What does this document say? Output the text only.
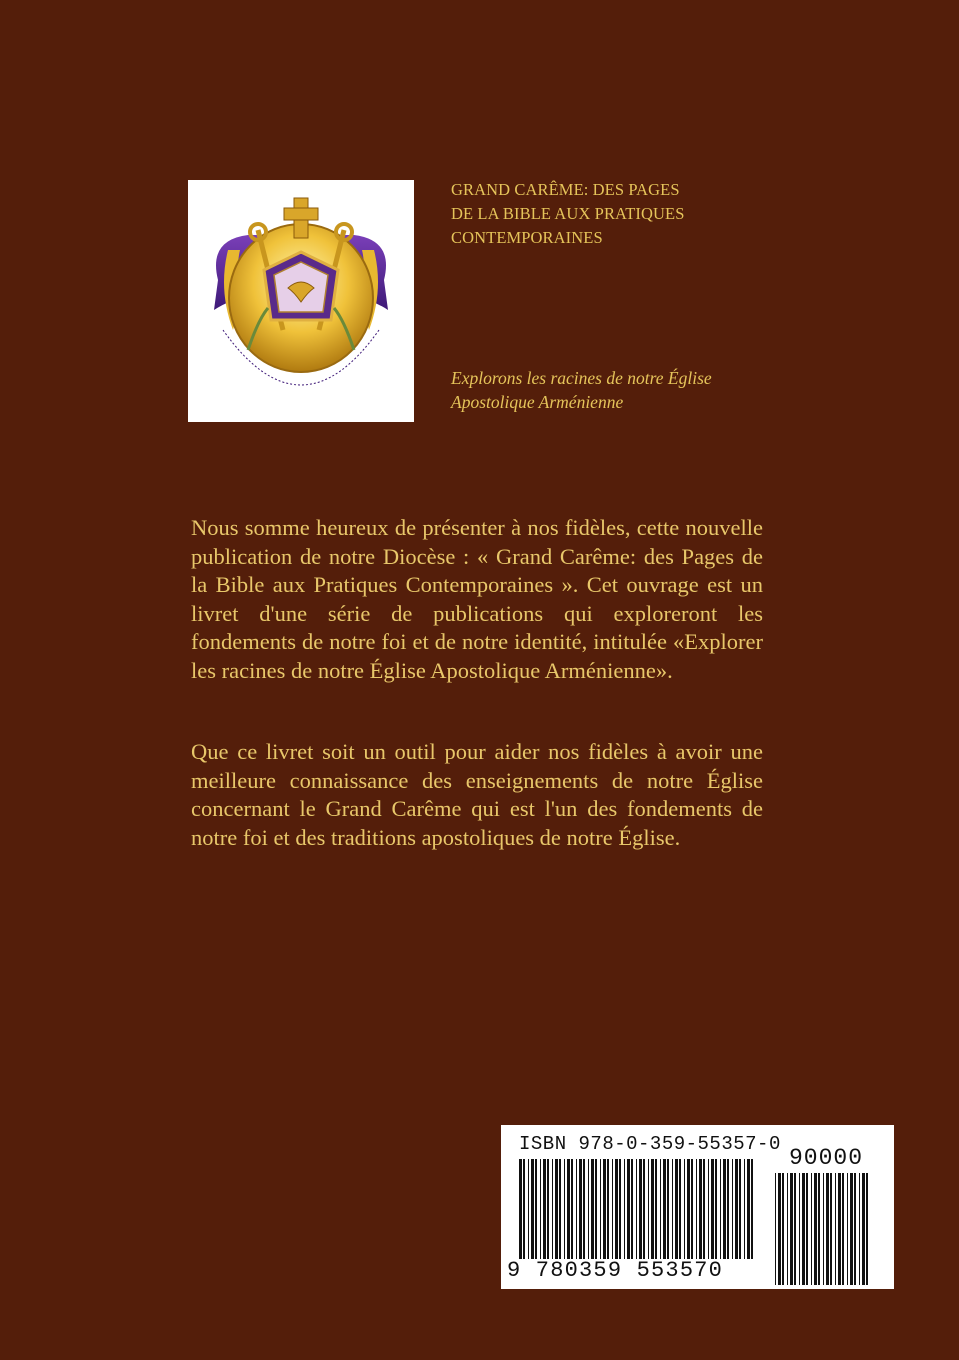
GRAND CARÊME: DES PAGES
DE LA BIBLE AUX PRATIQUES
CONTEMPORAINES
Explorons les racines de notre Église
Apostolique Arménienne

Nous somme heureux de présenter à nos fidèles, cette nouvelle publication de notre Diocèse : « Grand Carême: des Pages de la Bible aux Pratiques Contemporaines ». Cet ouvrage est un livret d'une série de publications qui exploreront les fondements de notre foi et de notre identité, intitulée «Explorer les racines de notre Église Apostolique Arménienne».

Que ce livret soit un outil pour aider nos fidèles à avoir une meilleure connaissance des enseignements de notre Église concernant le Grand Carême qui est l'un des fondements de notre foi et des traditions apostoliques de notre Église.

ISBN 978-0-359-55357-0
90000
9 780359 553570
